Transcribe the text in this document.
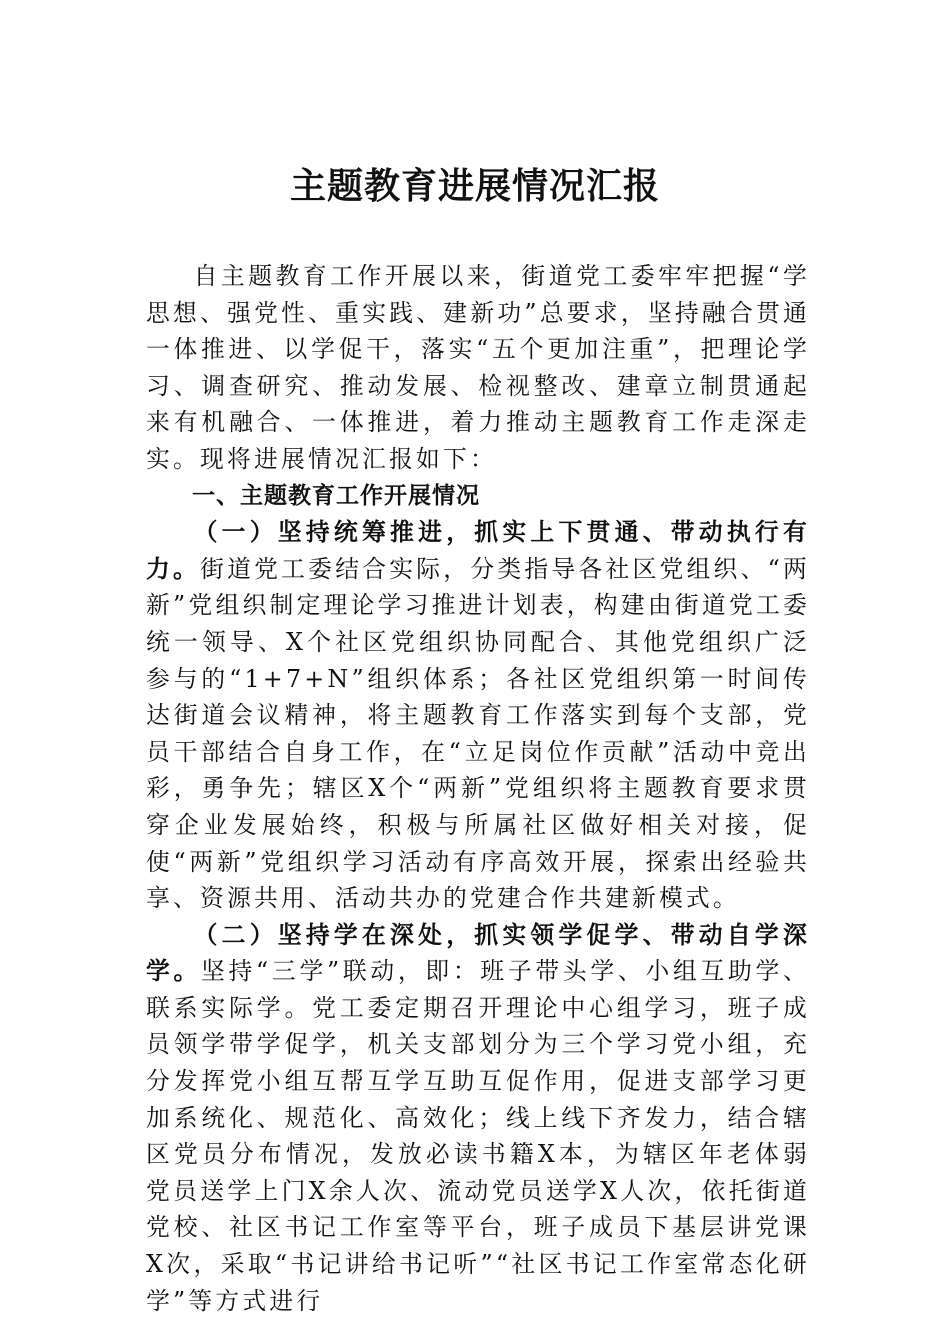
主题教育进展情况汇报

自主题教育工作开展以来，街道党工委牢牢把握“学思想、强党性、重实践、建新功”总要求，坚持融合贯通一体推进、以学促干，落实“五个更加注重”，把理论学习、调查研究、推动发展、检视整改、建章立制贯通起来有机融合、一体推进，着力推动主题教育工作走深走实。现将进展情况汇报如下：

一、主题教育工作开展情况

（一）坚持统筹推进，抓实上下贯通、带动执行有力。街道党工委结合实际，分类指导各社区党组织、“两新”党组织制定理论学习推进计划表，构建由街道党工委统一领导、X个社区党组织协同配合、其他党组织广泛参与的“1+7+N”组织体系；各社区党组织第一时间传达街道会议精神，将主题教育工作落实到每个支部，党员干部结合自身工作，在“立足岗位作贡献”活动中竞出彩，勇争先；辖区X个“两新”党组织将主题教育要求贯穿企业发展始终，积极与所属社区做好相关对接，促使“两新”党组织学习活动有序高效开展，探索出经验共享、资源共用、活动共办的党建合作共建新模式。

（二）坚持学在深处，抓实领学促学、带动自学深学。坚持“三学”联动，即：班子带头学、小组互助学、联系实际学。党工委定期召开理论中心组学习，班子成员领学带学促学，机关支部划分为三个学习党小组，充分发挥党小组互帮互学互助互促作用，促进支部学习更加系统化、规范化、高效化；线上线下齐发力，结合辖区党员分布情况，发放必读书籍X本，为辖区年老体弱党员送学上门X余人次、流动党员送学X人次，依托街道党校、社区书记工作室等平台，班子成员下基层讲党课X次，采取“书记讲给书记听”“社区书记工作室常态化研学”等方式进行
